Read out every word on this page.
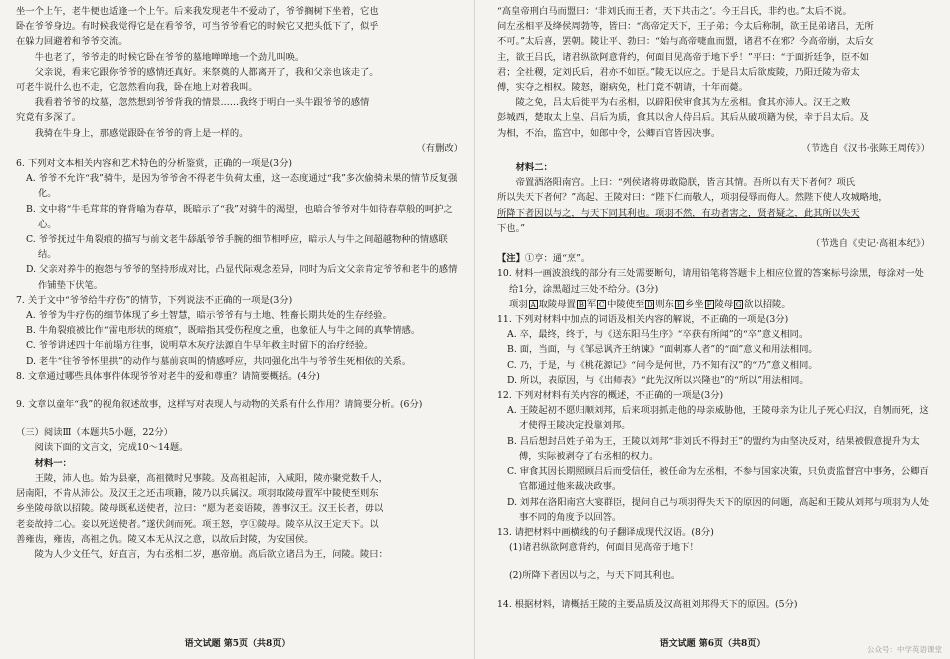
坐一个上午，老牛便也适逢一个上午。后来我发现老牛不爱动了，爷爷搁树下坐着，它也
卧在爷爷身边。有时候我觉得它是在看爷爷，可当爷爷看它的时候它又把头低下了，似乎
在躲力回避着和爷爷交流。
牛也老了，爷爷走的时候它卧在爷爷的墓地啴啴地一个劲儿叫唤。
父亲说，看来它跟你爷爷的感情还真好。来祭奠的人都离开了，我和父亲也该走了。
可老牛说什么也不走，它忽然看向我，卧在地上对着我叫。
我看着爷爷的坟墓，忽然想到爷爷背我的情景……我终于明白一头牛跟爷爷的感情
究竟有多深了。
我骑在牛身上，那感觉跟卧在爷爷的背上是一样的。
（有删改）
6. 下列对文本相关内容和艺术特色的分析鉴赏，正确的一项是(3分)
A. 爷爷不允许“我”骑牛，是因为爷爷舍不得老牛负荷太重，这一态度通过“我”多次偷骑未果的情节反复强化。
B. 文中将“牛毛茸茸的脊背喻为春草，既暗示了“我”对骑牛的渴望，也暗合爷爷对牛如待春草般的呵护之心。
C. 爷爷抚过牛角裂痕的描写与前文老牛舔舐爷爷手腕的细节相呼应，暗示人与牛之间超越物种的情感联结。
D. 父亲对养牛的抱怨与爷爷的坚持形成对比，凸显代际观念差异，同时为后文父亲肯定爷爷和老牛的感情作铺垫下伏笔。
7. 关于文中“爷爷给牛疗伤”的情节，下列说法不正确的一项是(3分)
A. 爷爷为牛疗伤的细节体现了乡土智慧，暗示爷爷有与土地、牲畜长期共处的生存经验。
B. 牛角裂痕被比作“雷电形状的斑痕”，既暗指其受伤程度之重，也象征人与牛之间的真挚情感。
C. 爷爷讲述四十年前塌方往事，说明草木灰疗法源自牛早年救主时留下的治疗经验。
D. 老牛“往爷爷怀里拱”的动作与墓前哀叫的情感呼应，共同强化出牛与爷爷生死相依的关系。
8. 文章通过哪些具体事件体现爷爷对老牛的爱和尊重？请简要概括。(4分)
9. 文章以童年“我”的视角叙述故事，这样写对表现人与动物的关系有什么作用？请简要分析。(6分)
（三）阅读Ⅲ（本题共5小题，22分）
阅读下面的文言文，完成10～14题。
材料一：
王陵，沛人也。始为县豪，高祖微时兄事陵。及高祖起沛，入咸阳，陵亦聚党数千人，
居南阳，不肯从沛公。及汉王之还击项籍，陵乃以兵属汉。项羽取陵母置军中陵使至则东
乡坐陵母欲以招陵。陵母既私送使者，泣曰：“愿为老妾语陵，善事汉王。汉王长者，毋以
老妾故持二心。妾以死送使者。”遂伏剑而死。项王怒，亨①陵母。陵卒从汉王定天下。以
善雍齿，雍齿，高祖之仇。陵又本无从汉之意，以故后封陵，为安国侯。
陵为人少文任气，好直言，为右丞相二岁，惠帝崩。高后欲立诸吕为王，问陵。陵曰：
语文试题 第5页（共8页）
“高皇帝刑白马而盟曰：‘非刘氏而王者，天下共击之’。今王吕氏，非约也。”太后不说。
问左丞相平及绛侯周勃等，皆曰：“高帝定天下，王子弟；今太后称制，欲王昆弟诸吕，无所
不可。”太后喜，罢朝。陵让平、勃曰：“始与高帝啑血而盟，诸君不在邪？今高帝崩，太后女
主，欲王吕氏，诸君纵欲阿意背约，何面目见高帝于地下乎！”平曰：“于面折廷争，臣不如
君；全社稷，定刘氏后，君亦不如臣。”陵无以应之。于是吕太后欲废陵，乃阳迁陵为帝太
傅，实夺之相权。陵怒，谢病免，杜门竟不朝请，十年而薨。
陵之免，吕太后徙平为右丞相，以辟阳侯审食其为左丞相。食其亦沛人。汉王之败
彭城西，楚取太上皇、吕后为质，食其以舍人侍吕后。其后从破项籍为侯，幸于吕太后。及
为相，不治，监宫中，如郎中令，公卿百官皆因决事。
（节选自《汉书·张陈王周传》）
材料二：
帝置酒洛阳南宫。上曰：“列侯诸将毋敢隐朕，皆言其情。吾所以有天下者何？项氏
所以失天下者何？”高起、王陵对曰：“陛下仁而敬人，项羽侵辱而侮人。然陛下使人攻城略地，
所降下者因以与之，与天下同其利也。项羽不然，有功者害之，贤者疑之，此其所以失天
下也。”
（节选自《史记·高祖本纪》）
【注】①亨：通“烹”。
10. 材料一画波浪线的部分有三处需要断句，请用铅笔将答题卡上相应位置的答案标号涂黑，每涂对一处给1分，涂黑超过三处不给分。(3分)
项羽 A 取陵母置 B 军 C 中陵使至 D 则东 E 乡坐 F 陵母 G 欲以招陵。
11. 下列对材料中加点的词语及相关内容的解说，不正确的一项是(3分)
A. 卒，最终，终于，与《送东阳马生序》“卒获有所闻”的“卒”意义相同。
B. 面，当面，与《邹忌讽齐王纳谏》“面刺寡人者”的“面”意义和用法相同。
C. 乃，于是，与《桃花源记》“问今是何世，乃不知有汉”的“乃”意义相同。
D. 所以，表原因，与《出师表》“此先汉所以兴隆也”的“所以”用法相同。
12. 下列对材料有关内容的概述，不正确的一项是(3分)
A. 王陵起初不愿归顺刘邦，后来项羽抓走他的母亲威胁他，王陵母亲为让儿子死心归汉，自刎而死，这才使得王陵决定投靠刘邦。
B. 吕后想封吕姓子弟为王，王陵以刘邦“非刘氏不得封王”的盟约为由坚决反对，结果被假意提升为太傅，实际被剥夺了右丞相的权力。
C. 审食其因长期照顾吕后而受信任，被任命为左丞相，不参与国家决策，只负责监督宫中事务，公卿百官都通过他来裁决政事。
D. 刘邦在洛阳南宫大宴群臣，提问自己与项羽得失天下的原因的问题，高起和王陵从刘邦与项羽为人处事不同的角度予以回答。
13. 请把材料中画横线的句子翻译成现代汉语。(8分)
(1)诸君纵欲阿意背约，何面目见高帝于地下！
(2)所降下者因以与之，与天下同其利也。
14. 根据材料，请概括王陵的主要品质及汉高祖刘邦得天下的原因。(5分)
语文试题 第6页（共8页）
公众号：中学英语课堂
